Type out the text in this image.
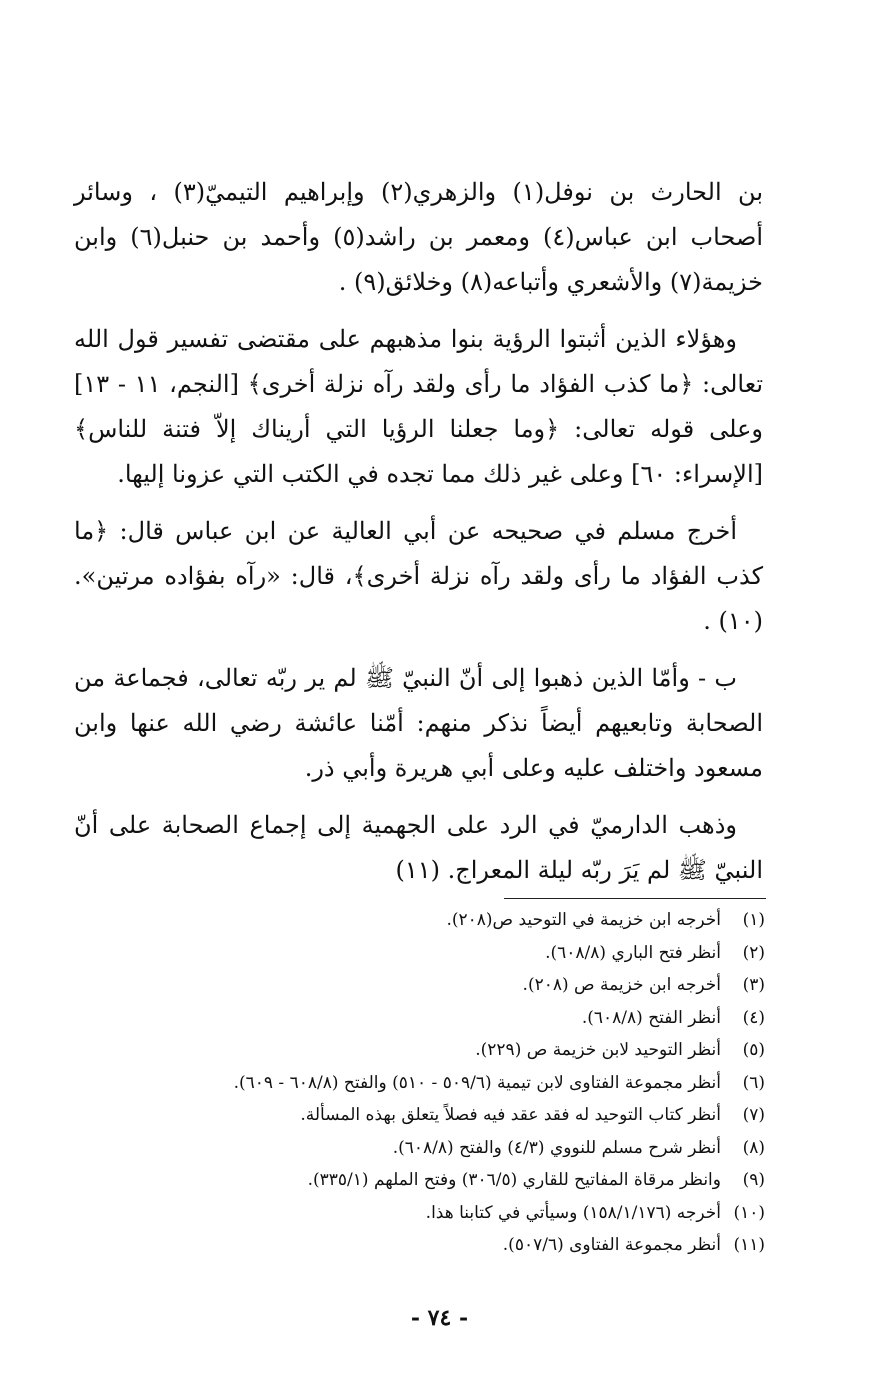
بن الحارث بن نوفل(١) والزهري(٢) وإبراهيم التيميّ(٣) ، وسائر أصحاب ابن عباس(٤) ومعمر بن راشد(٥) وأحمد بن حنبل(٦) وابن خزيمة(٧) والأشعري وأتباعه(٨) وخلائق(٩) .

وهؤلاء الذين أثبتوا الرؤية بنوا مذهبهم على مقتضى تفسير قول الله تعالى: ﴿ما كذب الفؤاد ما رأى ولقد رآه نزلة أخرى﴾ [النجم، ١١ - ١٣] وعلى قوله تعالى: ﴿وما جعلنا الرؤيا التي أريناك إلاّ فتنة للناس﴾ [الإسراء: ٦٠] وعلى غير ذلك مما تجده في الكتب التي عزونا إليها.

أخرج مسلم في صحيحه عن أبي العالية عن ابن عباس قال: ﴿ما كذب الفؤاد ما رأى ولقد رآه نزلة أخرى﴾، قال: «رآه بفؤاده مرتين». (١٠) .

ب - وأمّا الذين ذهبوا إلى أنّ النبيّ ﷺ لم ير ربّه تعالى، فجماعة من الصحابة وتابعيهم أيضاً نذكر منهم: أمّنا عائشة رضي الله عنها وابن مسعود واختلف عليه وعلى أبي هريرة وأبي ذر.

وذهب الدارميّ في الرد على الجهمية إلى إجماع الصحابة على أنّ النبيّ ﷺ لم يَرَ ربّه ليلة المعراج. (١١)

(١)
أخرجه ابن خزيمة في التوحيد ص(٢٠٨).
(٢)
أنظر فتح الباري (٦٠٨/٨).
(٣)
أخرجه ابن خزيمة ص (٢٠٨).
(٤)
أنظر الفتح (٦٠٨/٨).
(٥)
أنظر التوحيد لابن خزيمة ص (٢٢٩).
(٦)
أنظر مجموعة الفتاوى لابن تيمية (٥٠٩/٦ - ٥١٠) والفتح (٦٠٨/٨ - ٦٠٩).
(٧)
أنظر كتاب التوحيد له فقد عقد فيه فصلاً يتعلق بهذه المسألة.
(٨)
أنظر شرح مسلم للنووي (٤/٣) والفتح (٦٠٨/٨).
(٩)
وانظر مرقاة المفاتيح للقاري (٣٠٦/٥) وفتح الملهم (٣٣٥/١).
(١٠)
أخرجه (١٥٨/١/١٧٦) وسيأتي في كتابنا هذا.
(١١)
أنظر مجموعة الفتاوى (٥٠٧/٦).
- ٧٤ -
